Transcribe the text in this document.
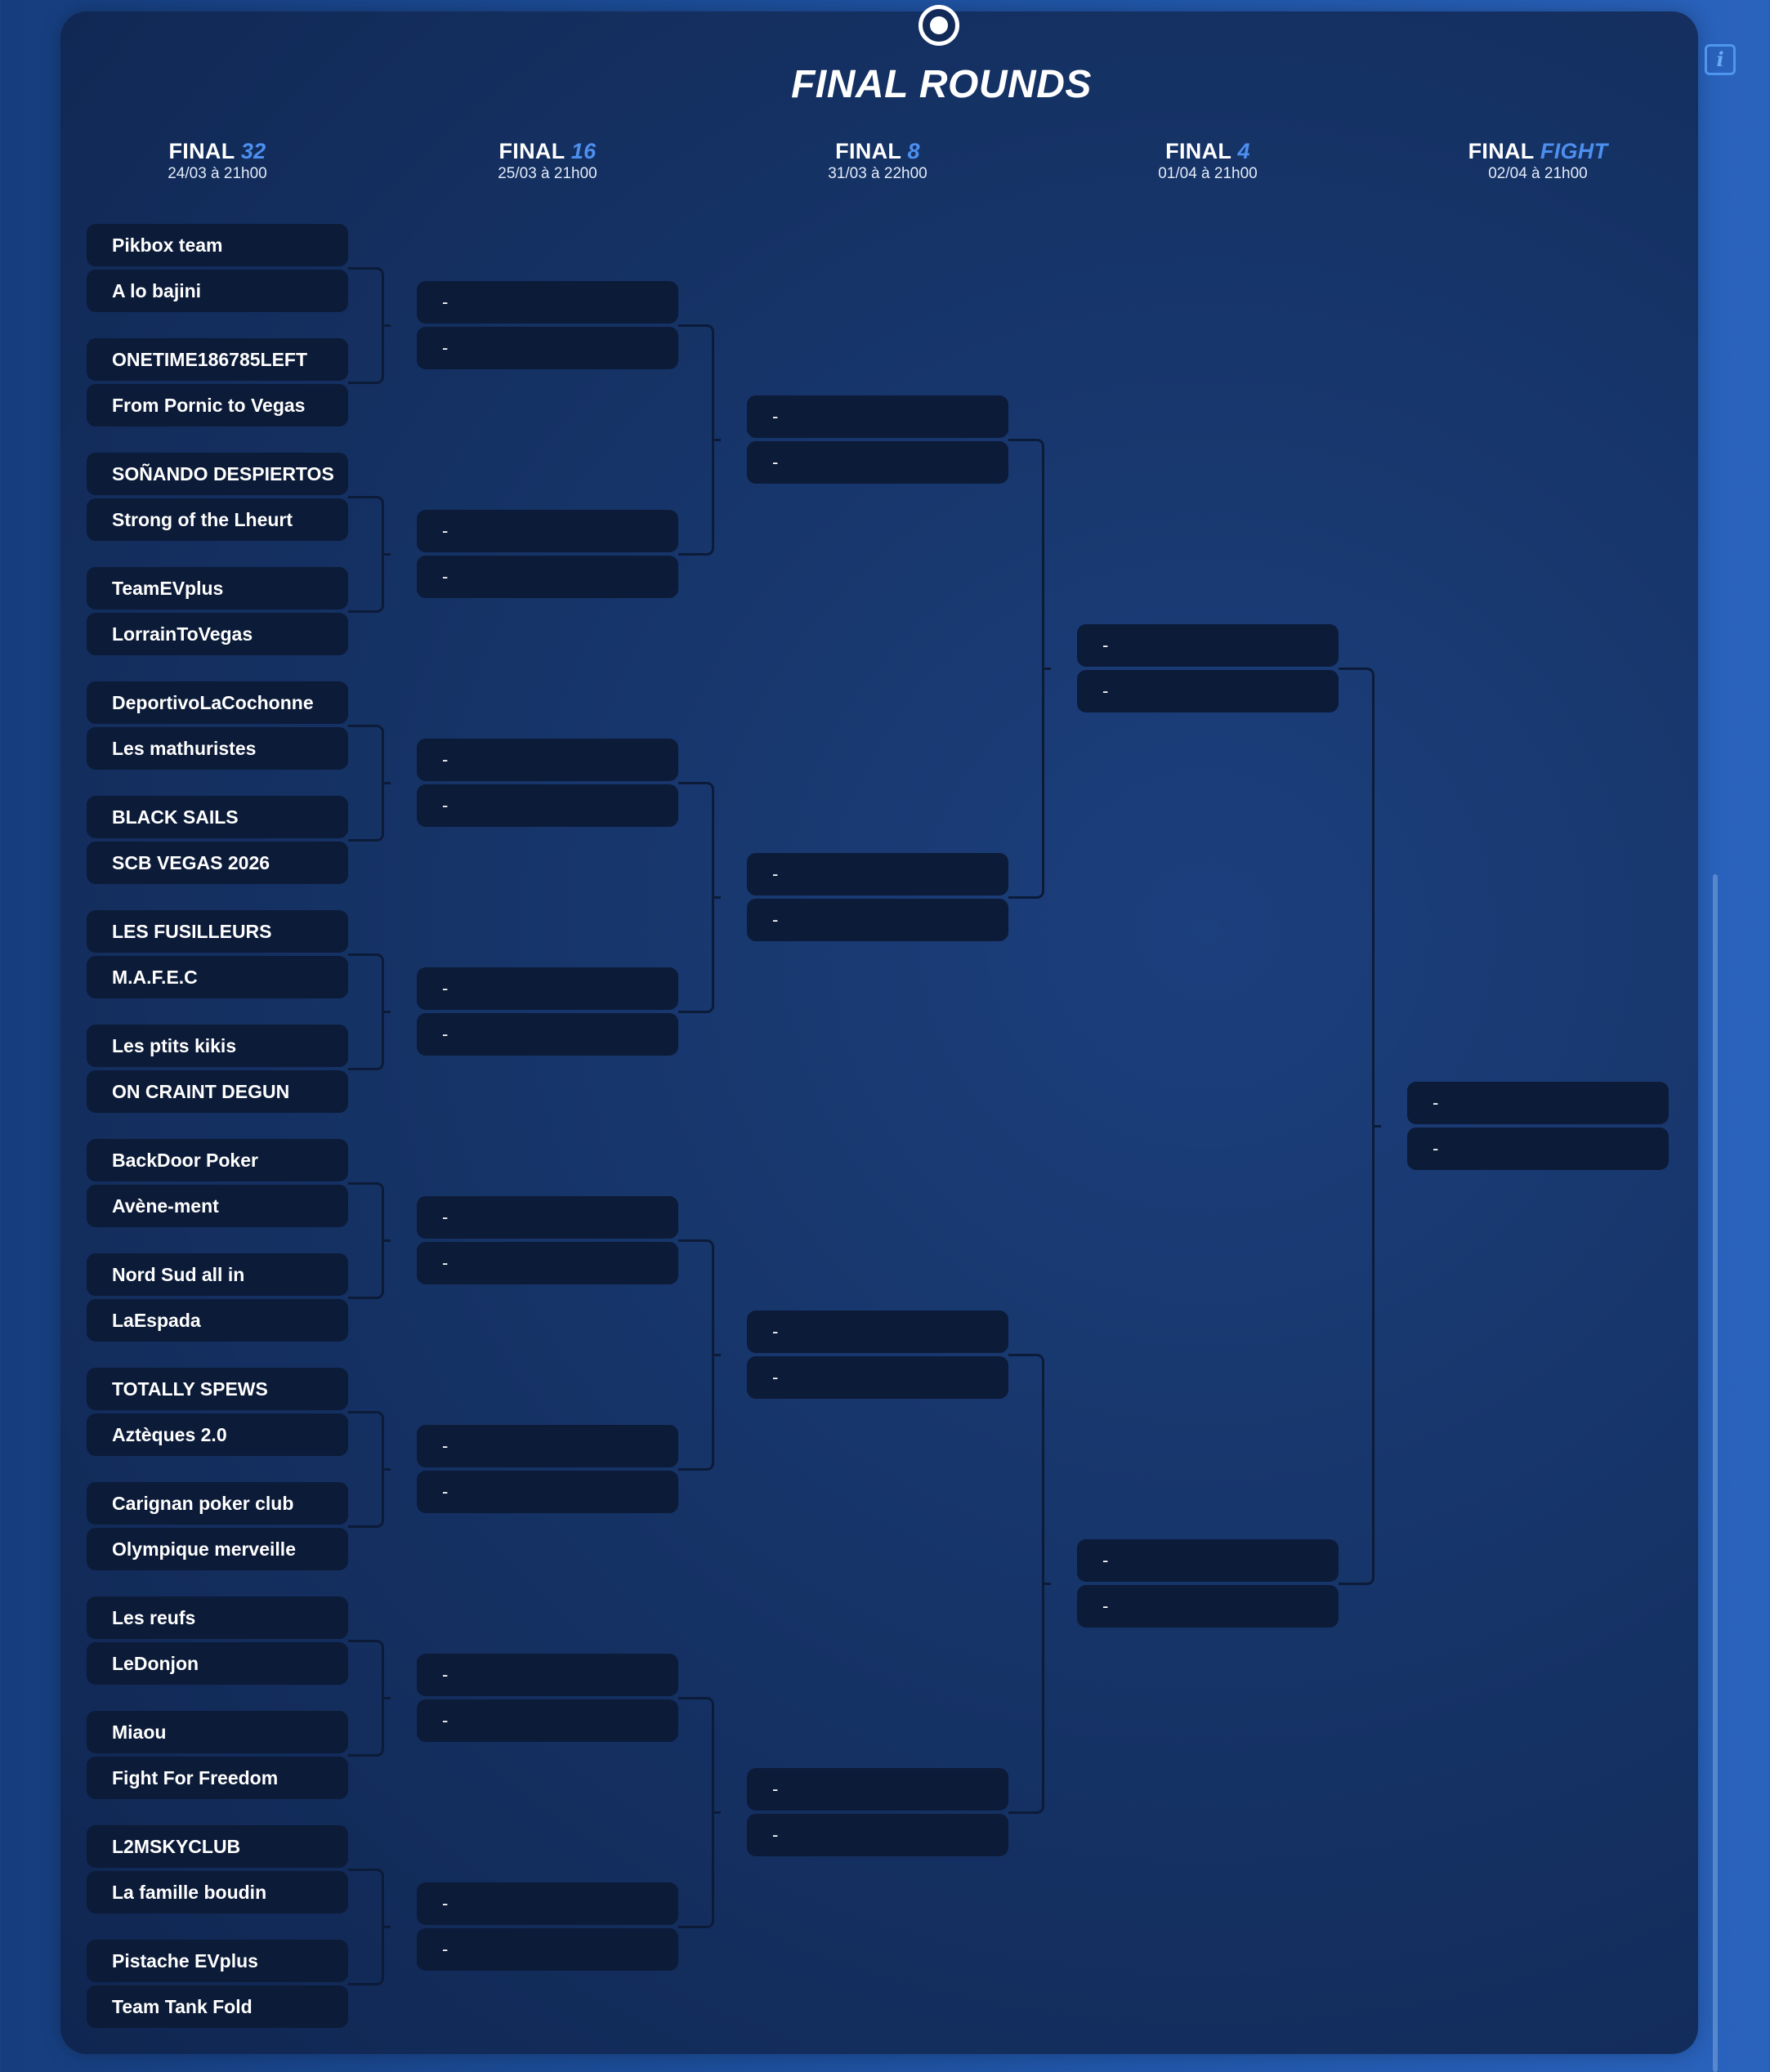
FINAL ROUNDS
i
FINAL 32
24/03 à 21h00
Pikbox team
A lo bajini
ONETIME186785LEFT
From Pornic to Vegas
SOÑANDO DESPIERTOS
Strong of the Lheurt
TeamEVplus
LorrainToVegas
DeportivoLaCochonne
Les mathuristes
BLACK SAILS
SCB VEGAS 2026
LES FUSILLEURS
M.A.F.E.C
Les ptits kikis
ON CRAINT DEGUN
BackDoor Poker
Avène-ment
Nord Sud all in
LaEspada
TOTALLY SPEWS
Aztèques 2.0
Carignan poker club
Olympique merveille
Les reufs
LeDonjon
Miaou
Fight For Freedom
L2MSKYCLUB
La famille boudin
Pistache EVplus
Team Tank Fold
FINAL 16
25/03 à 21h00
-
-
-
-
-
-
-
-
-
-
-
-
-
-
-
-
FINAL 8
31/03 à 22h00
-
-
-
-
-
-
-
-
FINAL 4
01/04 à 21h00
-
-
-
-
FINAL FIGHT
02/04 à 21h00
-
-
